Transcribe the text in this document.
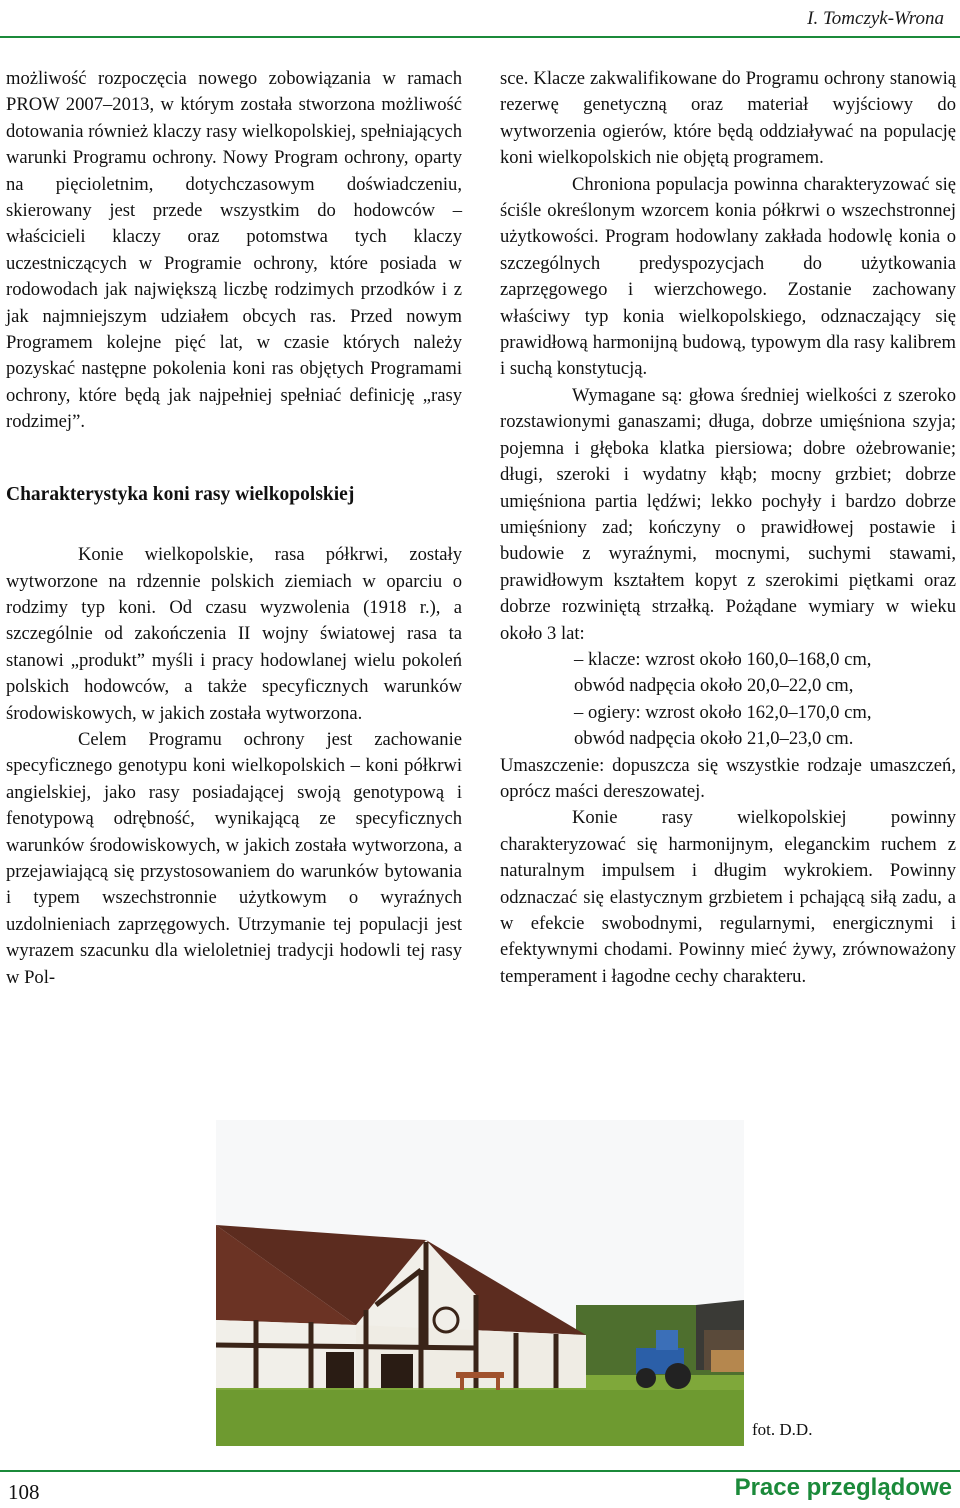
I. Tomczyk-Wrona

możliwość rozpoczęcia nowego zobowiązania w ramach PROW 2007–2013, w którym została stworzona możliwość dotowania również klaczy rasy wielkopolskiej, spełniających warunki Programu ochrony. Nowy Program ochrony, oparty na pięcioletnim, dotychczasowym doświadczeniu, skierowany jest przede wszystkim do hodowców – właścicieli klaczy oraz potomstwa tych klaczy uczestniczących w Programie ochrony, które posiada w rodowodach jak największą liczbę rodzimych przodków i z jak najmniejszym udziałem obcych ras. Przed nowym Programem kolejne pięć lat, w czasie których należy pozyskać następne pokolenia koni ras objętych Programami ochrony, które będą jak najpełniej spełniać definicję „rasy rodzimej”.

Charakterystyka koni rasy wielkopolskiej

Konie wielkopolskie, rasa półkrwi, zostały wytworzone na rdzennie polskich ziemiach w oparciu o rodzimy typ koni. Od czasu wyzwolenia (1918 r.), a szczególnie od zakończenia II wojny światowej rasa ta stanowi „produkt” myśli i pracy hodowlanej wielu pokoleń polskich hodowców, a także specyficznych warunków środowiskowych, w jakich została wytworzona.

Celem Programu ochrony jest zachowanie specyficznego genotypu koni wielkopolskich – koni półkrwi angielskiej, jako rasy posiadającej swoją genotypową i fenotypową odrębność, wynikającą ze specyficznych warunków środowiskowych, w jakich została wytworzona, a przejawiającą się przystosowaniem do warunków bytowania i typem wszechstronnie użytkowym o wyraźnych uzdolnieniach zaprzęgowych. Utrzymanie tej populacji jest wyrazem szacunku dla wieloletniej tradycji hodowli tej rasy w Pol-

sce. Klacze zakwalifikowane do Programu ochrony stanowią rezerwę genetyczną oraz materiał wyjściowy do wytworzenia ogierów, które będą oddziaływać na populację koni wielkopolskich nie objętą programem.

Chroniona populacja powinna charakteryzować się ściśle określonym wzorcem konia półkrwi o wszechstronnej użytkowości. Program hodowlany zakłada hodowlę konia o szczególnych predyspozycjach do użytkowania zaprzęgowego i wierzchowego. Zostanie zachowany właściwy typ konia wielkopolskiego, odznaczający się prawidłową harmonijną budową, typowym dla rasy kalibrem i suchą konstytucją.

Wymagane są: głowa średniej wielkości z szeroko rozstawionymi ganaszami; długa, dobrze umięśniona szyja; pojemna i głęboka klatka piersiowa; dobre ożebrowanie; długi, szeroki i wydatny kłąb; mocny grzbiet; dobrze umięśniona partia lędźwi; lekko pochyły i bardzo dobrze umięśniony zad; kończyny o prawidłowej postawie i budowie z wyraźnymi, mocnymi, suchymi stawami, prawidłowym kształtem kopyt z szerokimi piętkami oraz dobrze rozwiniętą strzałką. Pożądane wymiary w wieku około 3 lat:

– klacze: wzrost około 160,0–168,0 cm,

obwód nadpęcia około 20,0–22,0 cm,

– ogiery: wzrost około 162,0–170,0 cm,

obwód nadpęcia około 21,0–23,0 cm.

Umaszczenie: dopuszcza się wszystkie rodzaje umaszczeń, oprócz maści dereszowatej.

Konie rasy wielkopolskiej powinny charakteryzować się harmonijnym, eleganckim ruchem z naturalnym impulsem i długim wykrokiem. Powinny odznaczać się elastycznym grzbietem i pchającą siłą zadu, a w efekcie swobodnymi, regularnymi, energicznymi i efektywnymi chodami. Powinny mieć żywy, zrównoważony temperament i łagodne cechy charakteru.

fot. D.D.
108	Prace przeglądowe
